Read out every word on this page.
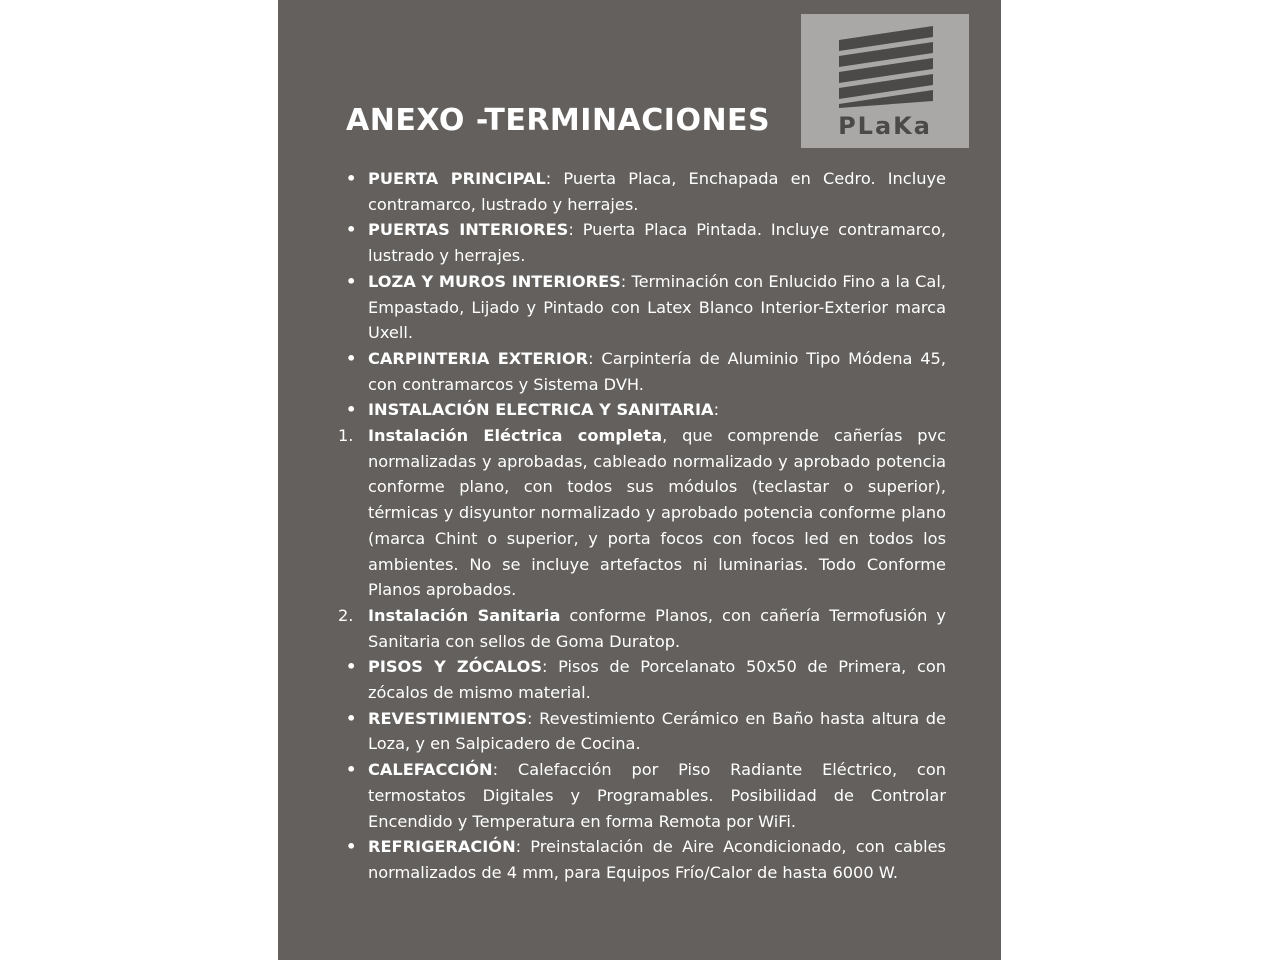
PLaKa
ANEXO -TERMINACIONES
• PUERTA PRINCIPAL: Puerta Placa, Enchapada en Cedro. Incluye contramarco, lustrado y herrajes.
• PUERTAS INTERIORES: Puerta Placa Pintada. Incluye contramarco, lustrado y herrajes.
• LOZA Y MUROS INTERIORES: Terminación con Enlucido Fino a la Cal, Empastado, Lijado y Pintado con Latex Blanco Interior-Exterior marca Uxell.
• CARPINTERIA EXTERIOR: Carpintería de Aluminio Tipo Módena 45, con contramarcos y Sistema DVH.
• INSTALACIÓN ELECTRICA Y SANITARIA:
1. Instalación Eléctrica completa, que comprende cañerías pvc normalizadas y aprobadas, cableado normalizado y aprobado potencia conforme plano, con todos sus módulos (teclastar o superior), térmicas y disyuntor normalizado y aprobado potencia conforme plano (marca Chint o superior, y porta focos con focos led en todos los ambientes. No se incluye artefactos ni luminarias. Todo Conforme Planos aprobados.
2. Instalación Sanitaria conforme Planos, con cañería Termofusión y Sanitaria con sellos de Goma Duratop.
• PISOS Y ZÓCALOS: Pisos de Porcelanato 50x50 de Primera, con zócalos de mismo material.
• REVESTIMIENTOS: Revestimiento Cerámico en Baño hasta altura de Loza, y en Salpicadero de Cocina.
• CALEFACCIÓN: Calefacción por Piso Radiante Eléctrico, con termostatos Digitales y Programables. Posibilidad de Controlar Encendido y Temperatura en forma Remota por WiFi.
• REFRIGERACIÓN: Preinstalación de Aire Acondicionado, con cables normalizados de 4 mm, para Equipos Frío/Calor de hasta 6000 W.
